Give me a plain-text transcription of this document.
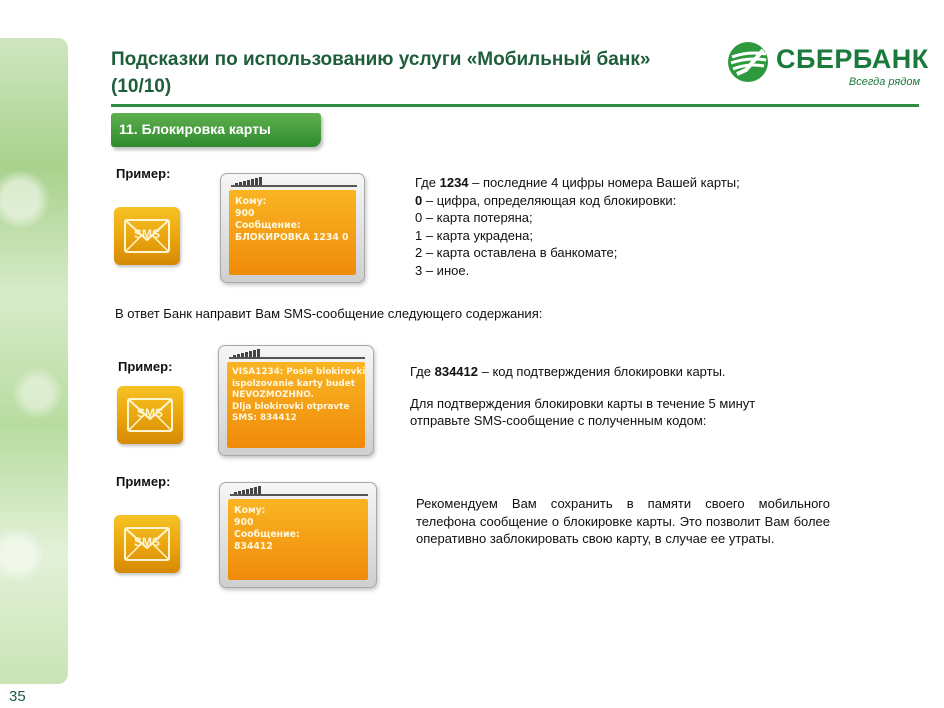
Подсказки по использованию услуги «Мобильный банк»
(10/10)
СБЕРБАНК
Всегда рядом
11. Блокировка карты
Пример:
SMS
Кому:
900
Сообщение:
БЛОКИРОВКА 1234 0
Где 1234 – последние 4 цифры номера Вашей карты;
0 – цифра, определяющая код блокировки:
0 – карта потеряна;
1 – карта украдена;
2 – карта оставлена в банкомате;
3 – иное.
В ответ Банк направит Вам SMS-сообщение следующего содержания:
Пример:
SMS
VISA1234: Posle blokirovki
ispolzovanie karty budet
NEVOZMOZHNO.
Dlja blokirovki otpravte
SMS: 834412
Где 834412 – код подтверждения блокировки карты.
Для подтверждения блокировки карты в течение 5 минут
отправьте SMS-сообщение с полученным кодом:
Пример:
SMS
Кому:
900
Сообщение:
834412
Рекомендуем Вам сохранить в памяти своего мобильного телефона сообщение о блокировке карты. Это позволит Вам более оперативно заблокировать свою карту, в случае ее утраты.
35
